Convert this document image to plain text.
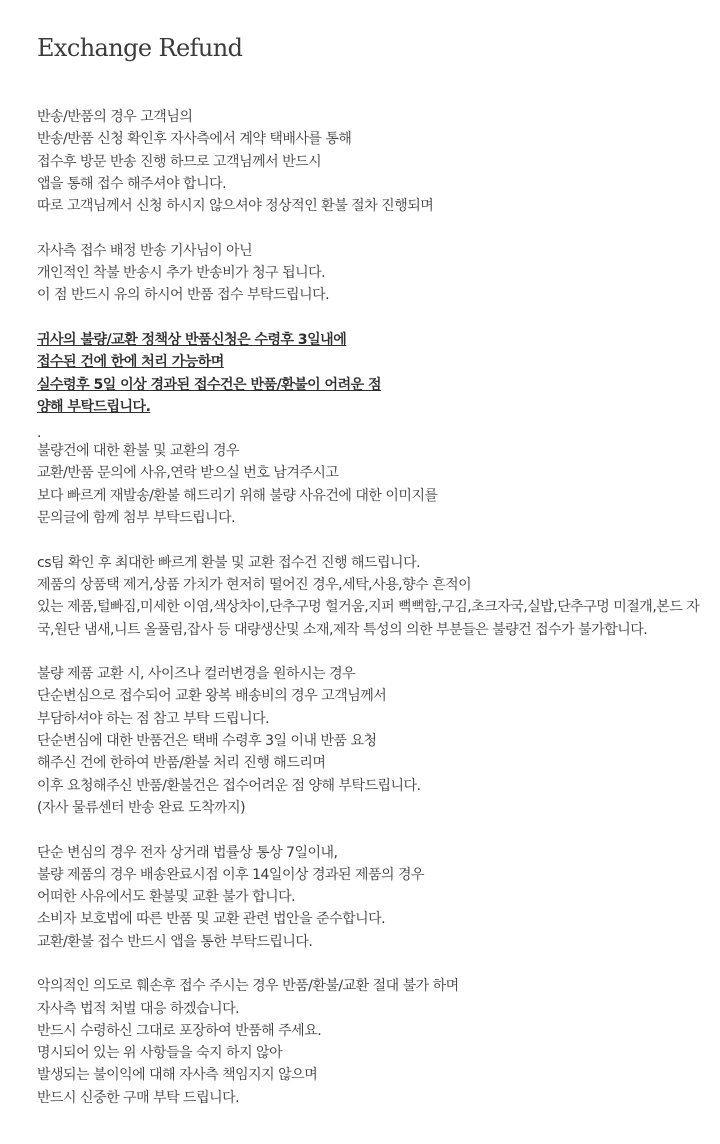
Exchange Refund
반송/반품의 경우 고객님의
반송/반품 신청 확인후 자사측에서 계약 택배사를 통해
접수후 방문 반송 진행 하므로 고객님께서 반드시
앱을 통해 접수 해주셔야 합니다.
따로 고객님께서 신청 하시지 않으셔야 정상적인 환불 절차 진행되며
자사측 접수 배정 반송 기사님이 아닌
개인적인 착불 반송시 추가 반송비가 청구 됩니다.
이 점 반드시 유의 하시어 반품 접수 부탁드립니다.
귀사의 불량/교환 정책상 반품신청은 수령후 3일내에
접수된 건에 한에 처리 가능하며
실수령후 5일 이상 경과된 접수건은 반품/환불이 어려운 점
양해 부탁드립니다.
.
불량건에 대한 환불 및 교환의 경우
교환/반품 문의에 사유,연락 받으실 번호 남겨주시고
보다 빠르게 재발송/환불 해드리기 위해 불량 사유건에 대한 이미지를
문의글에 함께 첨부 부탁드립니다.
cs팀 확인 후 최대한 빠르게 환불 및 교환 접수건 진행 해드립니다.
제품의 상품택 제거,상품 가치가 현저히 떨어진 경우,세탁,사용,향수 흔적이
있는 제품,털빠짐,미세한 이염,색상차이,단추구멍 헐거움,지퍼 뻑뻑함,구김,초크자국,실밥,단추구멍 미절개,본드 자국,원단 냄새,니트 올풀림,잡사 등 대량생산및 소재,제작 특성의 의한 부분들은 불량건 접수가 불가합니다.
불량 제품 교환 시, 사이즈나 컬러변경을 원하시는 경우
단순변심으로 접수되어 교환 왕복 배송비의 경우 고객님께서
부담하셔야 하는 점 참고 부탁 드립니다.
단순변심에 대한 반품건은 택배 수령후 3일 이내 반품 요청
해주신 건에 한하여 반품/환불 처리 진행 해드리며
이후 요청해주신 반품/환불건은 접수어려운 점 양해 부탁드립니다.
(자사 물류센터 반송 완료 도착까지)
단순 변심의 경우 전자 상거래 법률상 통상 7일이내,
불량 제품의 경우 배송완료시점 이후 14일이상 경과된 제품의 경우
어떠한 사유에서도 환불및 교환 불가 합니다.
소비자 보호법에 따른 반품 및 교환 관련 법안을 준수합니다.
교환/환불 접수 반드시 앱을 통한 부탁드립니다.
악의적인 의도로 훼손후 접수 주시는 경우 반품/환불/교환 절대 불가 하며
자사측 법적 처벌 대응 하겠습니다.
반드시 수령하신 그대로 포장하여 반품해 주세요.
명시되어 있는 위 사항들을 숙지 하지 않아
발생되는 불이익에 대해 자사측 책임지지 않으며
반드시 신중한 구매 부탁 드립니다.
